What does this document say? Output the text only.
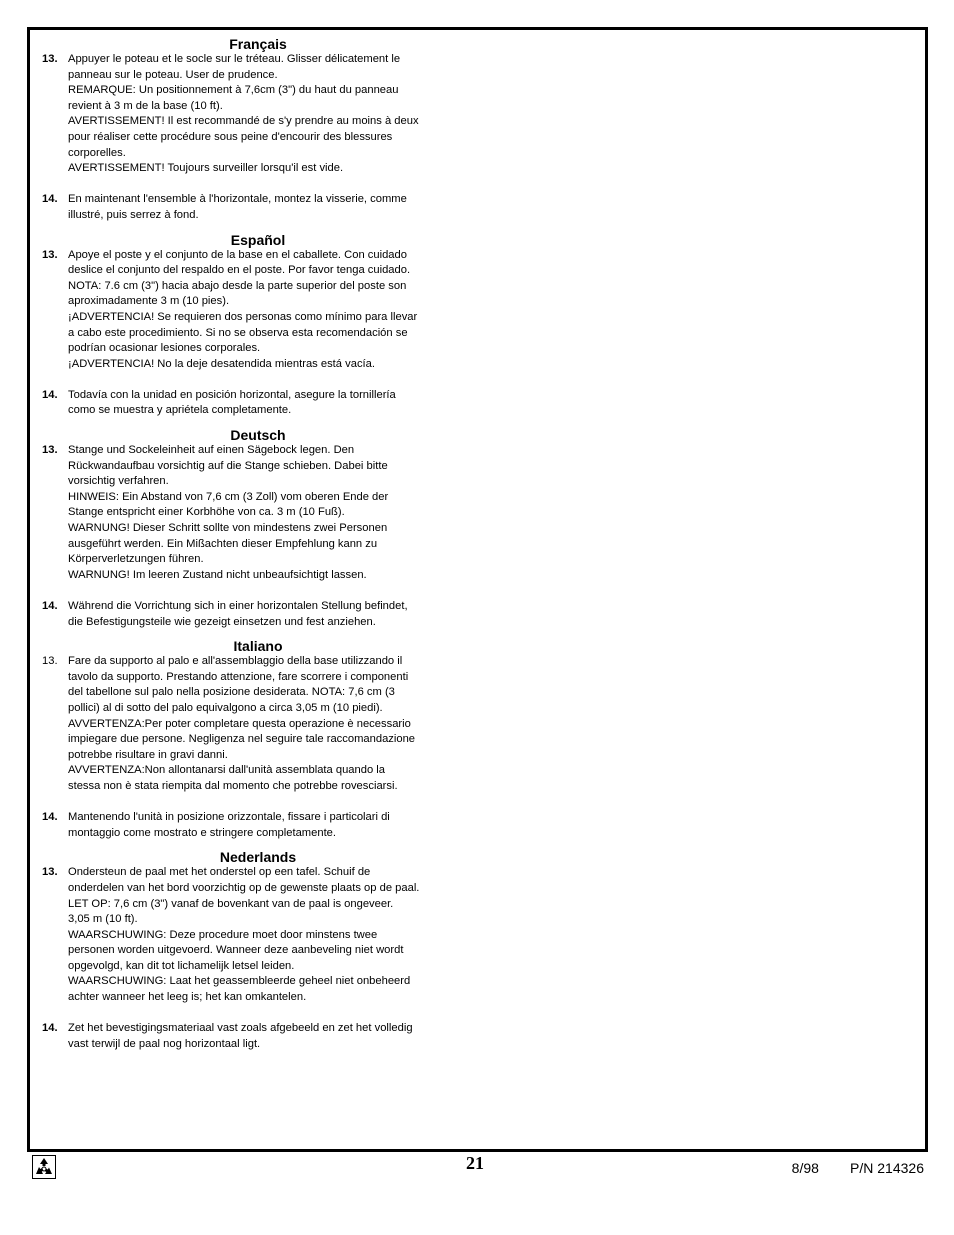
Français
13. Appuyer le poteau et le socle sur le tréteau. Glisser délicatement le
panneau sur le poteau. User de prudence.
REMARQUE: Un positionnement à 7,6cm (3") du haut du panneau
revient à 3 m de la base (10 ft).
AVERTISSEMENT! Il est recommandé de s'y prendre au moins à deux
pour réaliser cette procédure sous peine d'encourir des blessures
corporelles.
AVERTISSEMENT! Toujours surveiller lorsqu'il est vide.
14. En maintenant l'ensemble à l'horizontale, montez la visserie, comme
illustré, puis serrez à fond.
Español
13. Apoye el poste y el conjunto de la base en el caballete. Con cuidado
deslice el conjunto del respaldo en el poste. Por favor tenga cuidado.
NOTA: 7.6 cm (3") hacia abajo desde la parte superior del poste son
aproximadamente 3 m (10 pies).
¡ADVERTENCIA! Se requieren dos personas como mínimo para llevar
a cabo este procedimiento. Si no se observa esta recomendación se
podrían ocasionar lesiones corporales.
¡ADVERTENCIA! No la deje desatendida mientras está vacía.
14. Todavía con la unidad en posición horizontal, asegure la tornillería
como se muestra y apriétela completamente.
Deutsch
13. Stange und Sockeleinheit auf einen Sägebock legen. Den
Rückwandaufbau vorsichtig auf die Stange schieben. Dabei bitte
vorsichtig verfahren.
HINWEIS: Ein Abstand von 7,6 cm (3 Zoll) vom oberen Ende der
Stange entspricht einer Korbhöhe von ca. 3 m (10 Fuß).
WARNUNG! Dieser Schritt sollte von mindestens zwei Personen
ausgeführt werden. Ein Mißachten dieser Empfehlung kann zu
Körperverletzungen führen.
WARNUNG! Im leeren Zustand nicht unbeaufsichtigt lassen.
14. Während die Vorrichtung sich in einer horizontalen Stellung befindet,
die Befestigungsteile wie gezeigt einsetzen und fest anziehen.
Italiano
13. Fare da supporto al palo e all'assemblaggio della base utilizzando il
tavolo da supporto. Prestando attenzione, fare scorrere i componenti
del tabellone sul palo nella posizione desiderata. NOTA: 7,6 cm (3
pollici) al di sotto del palo equivalgono a circa 3,05 m (10 piedi).
AVVERTENZA:Per poter completare questa operazione è necessario
impiegare due persone. Negligenza nel seguire tale raccomandazione
potrebbe risultare in gravi danni.
AVVERTENZA:Non allontanarsi dall'unità assemblata quando la
stessa non è stata riempita dal momento che potrebbe rovesciarsi.
14. Mantenendo l'unità in posizione orizzontale, fissare i particolari di
montaggio come mostrato e stringere completamente.
Nederlands
13. Ondersteun de paal met het onderstel op een tafel. Schuif de
onderdelen van het bord voorzichtig op de gewenste plaats op de paal.
LET OP: 7,6 cm (3") vanaf de bovenkant van de paal is ongeveer.
3,05 m (10 ft).
WAARSCHUWING: Deze procedure moet door minstens twee
personen worden uitgevoerd. Wanneer deze aanbeveling niet wordt
opgevolgd, kan dit tot lichamelijk letsel leiden.
WAARSCHUWING: Laat het geassembleerde geheel niet onbeheerd
achter wanneer het leeg is; het kan omkantelen.
14. Zet het bevestigingsmateriaal vast zoals afgebeeld en zet het volledig
vast terwijl de paal nog horizontaal ligt.
21	8/98 P/N 214326
